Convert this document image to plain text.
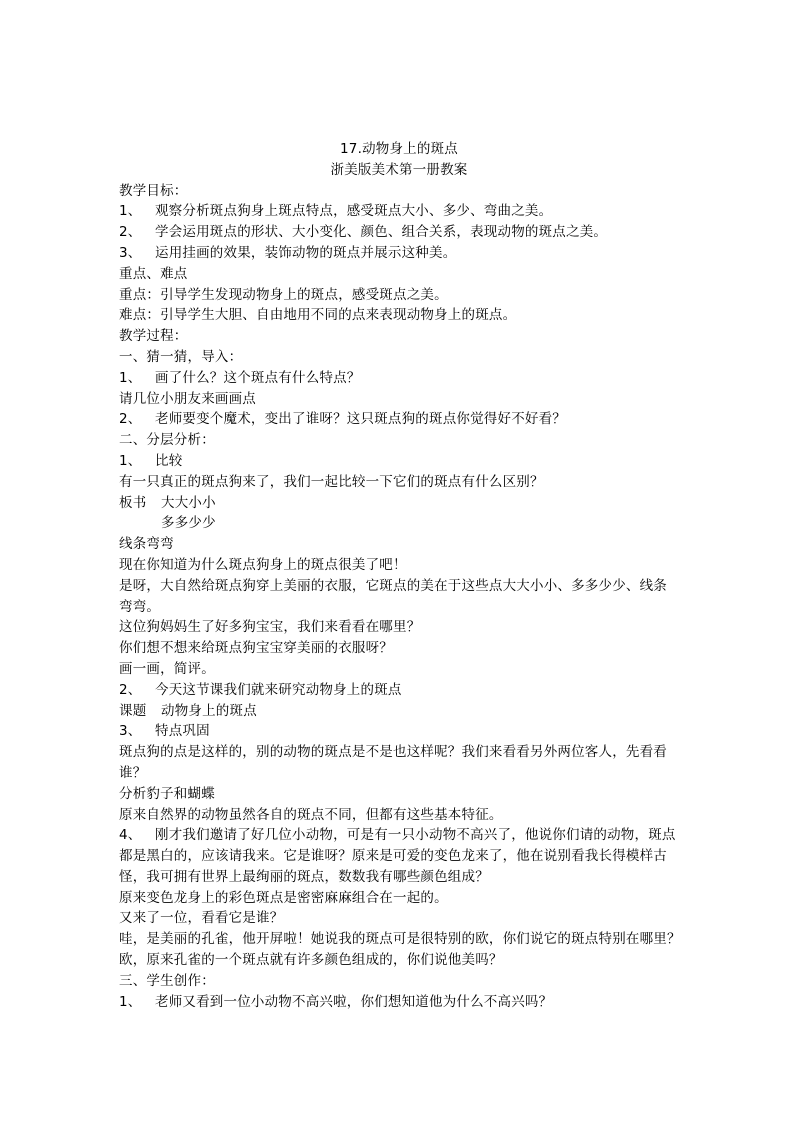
17.动物身上的斑点

浙美版美术第一册教案

教学目标：

1、	观察分析斑点狗身上斑点特点，感受斑点大小、多少、弯曲之美。
2、	学会运用斑点的形状、大小变化、颜色、组合关系，表现动物的斑点之美。
3、	运用挂画的效果，装饰动物的斑点并展示这种美。

重点、难点

重点：引导学生发现动物身上的斑点，感受斑点之美。

难点：引导学生大胆、自由地用不同的点来表现动物身上的斑点。

教学过程：

一、猜一猜，导入：

1、	画了什么？这个斑点有什么特点？

请几位小朋友来画画点

2、	老师要变个魔术，变出了谁呀？这只斑点狗的斑点你觉得好不好看？

二、分层分析：

1、	比较

有一只真正的斑点狗来了，我们一起比较一下它们的斑点有什么区别？

板书 大大小小

多多少少

线条弯弯

现在你知道为什么斑点狗身上的斑点很美了吧！

是呀，大自然给斑点狗穿上美丽的衣服，它斑点的美在于这些点大大小小、多多少少、线条弯弯。

这位狗妈妈生了好多狗宝宝，我们来看看在哪里？

你们想不想来给斑点狗宝宝穿美丽的衣服呀？

画一画，简评。

2、	今天这节课我们就来研究动物身上的斑点

课题 动物身上的斑点

3、	特点巩固

斑点狗的点是这样的，别的动物的斑点是不是也这样呢？我们来看看另外两位客人，先看看谁？

分析豹子和蝴蝶

原来自然界的动物虽然各自的斑点不同，但都有这些基本特征。

4、	刚才我们邀请了好几位小动物，可是有一只小动物不高兴了，他说你们请的动物，斑点都是黑白的，应该请我来。它是谁呀？原来是可爱的变色龙来了，他在说别看我长得模样古怪，我可拥有世界上最绚丽的斑点，数数我有哪些颜色组成？

原来变色龙身上的彩色斑点是密密麻麻组合在一起的。

又来了一位，看看它是谁？

哇，是美丽的孔雀，他开屏啦！她说我的斑点可是很特别的欧，你们说它的斑点特别在哪里？

欧，原来孔雀的一个斑点就有许多颜色组成的，你们说他美吗？

三、学生创作：

1、	老师又看到一位小动物不高兴啦，你们想知道他为什么不高兴吗？
